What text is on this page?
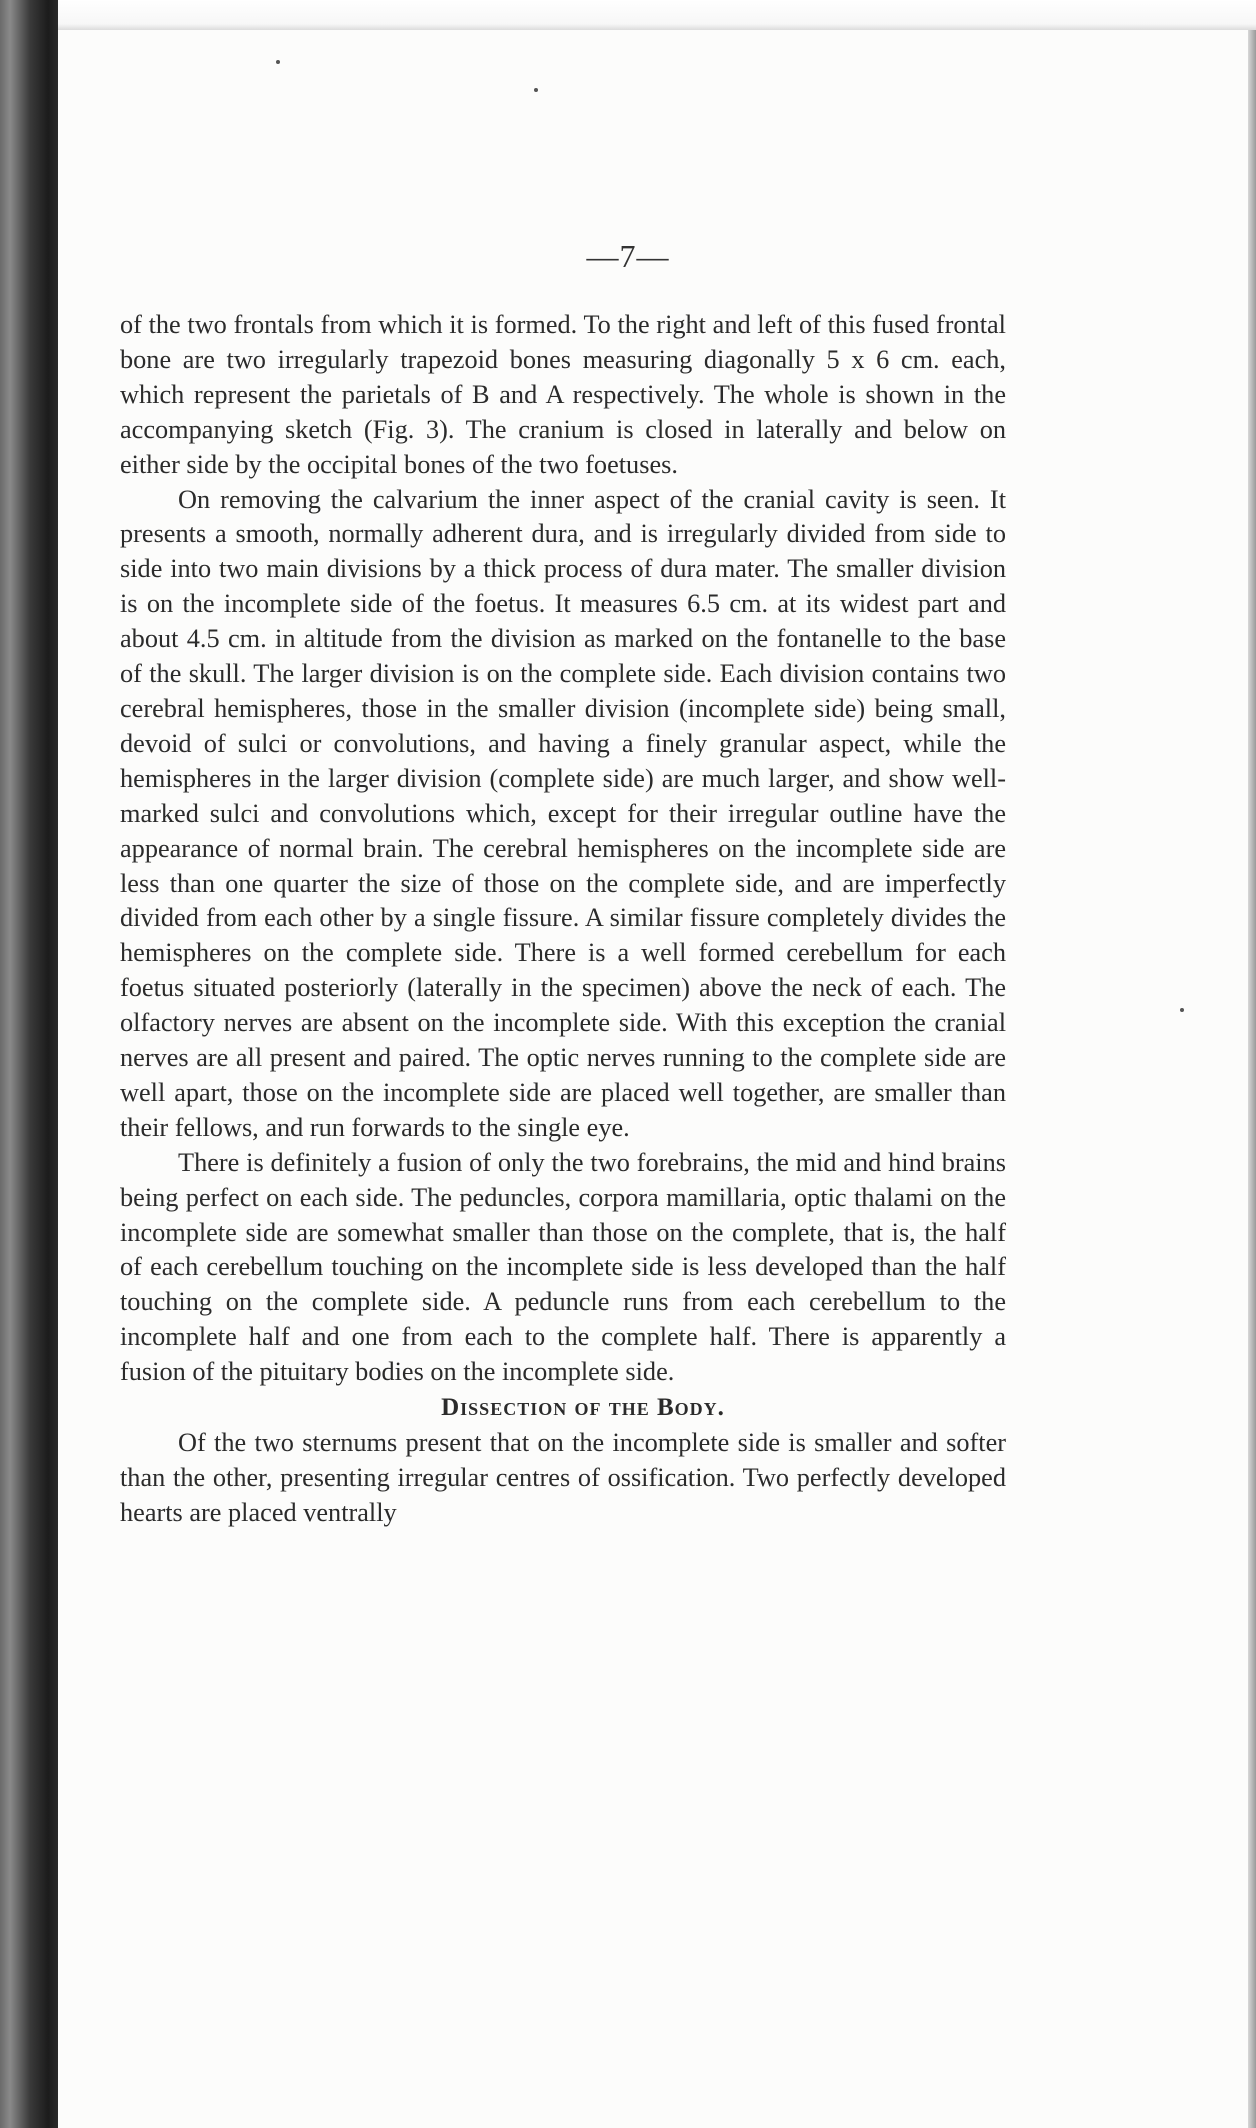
—7—

of the two frontals from which it is formed. To the right and left of this fused frontal bone are two irregularly trapezoid bones measuring diagonally 5 x 6 cm. each, which represent the parietals of B and A respectively. The whole is shown in the accompanying sketch (Fig. 3). The cranium is closed in laterally and below on either side by the occipital bones of the two foetuses.

On removing the calvarium the inner aspect of the cranial cavity is seen. It presents a smooth, normally adherent dura, and is irregularly divided from side to side into two main divisions by a thick process of dura mater. The smaller division is on the incomplete side of the foetus. It measures 6.5 cm. at its widest part and about 4.5 cm. in altitude from the division as marked on the fontanelle to the base of the skull. The larger division is on the complete side. Each division contains two cerebral hemispheres, those in the smaller division (incomplete side) being small, devoid of sulci or convolutions, and having a finely granular aspect, while the hemispheres in the larger division (complete side) are much larger, and show well-marked sulci and convolutions which, except for their irregular outline have the appearance of normal brain. The cerebral hemispheres on the incomplete side are less than one quarter the size of those on the complete side, and are imperfectly divided from each other by a single fissure. A similar fissure completely divides the hemispheres on the complete side. There is a well formed cerebellum for each foetus situated posteriorly (laterally in the specimen) above the neck of each. The olfactory nerves are absent on the incomplete side. With this exception the cranial nerves are all present and paired. The optic nerves running to the complete side are well apart, those on the incomplete side are placed well together, are smaller than their fellows, and run forwards to the single eye.

There is definitely a fusion of only the two forebrains, the mid and hind brains being perfect on each side. The peduncles, corpora mamillaria, optic thalami on the incomplete side are somewhat smaller than those on the complete, that is, the half of each cerebellum touching on the incomplete side is less developed than the half touching on the complete side. A peduncle runs from each cerebellum to the incomplete half and one from each to the complete half. There is apparently a fusion of the pituitary bodies on the incomplete side.

Dissection of the Body.

Of the two sternums present that on the incomplete side is smaller and softer than the other, presenting irregular centres of ossification. Two perfectly developed hearts are placed ventrally
